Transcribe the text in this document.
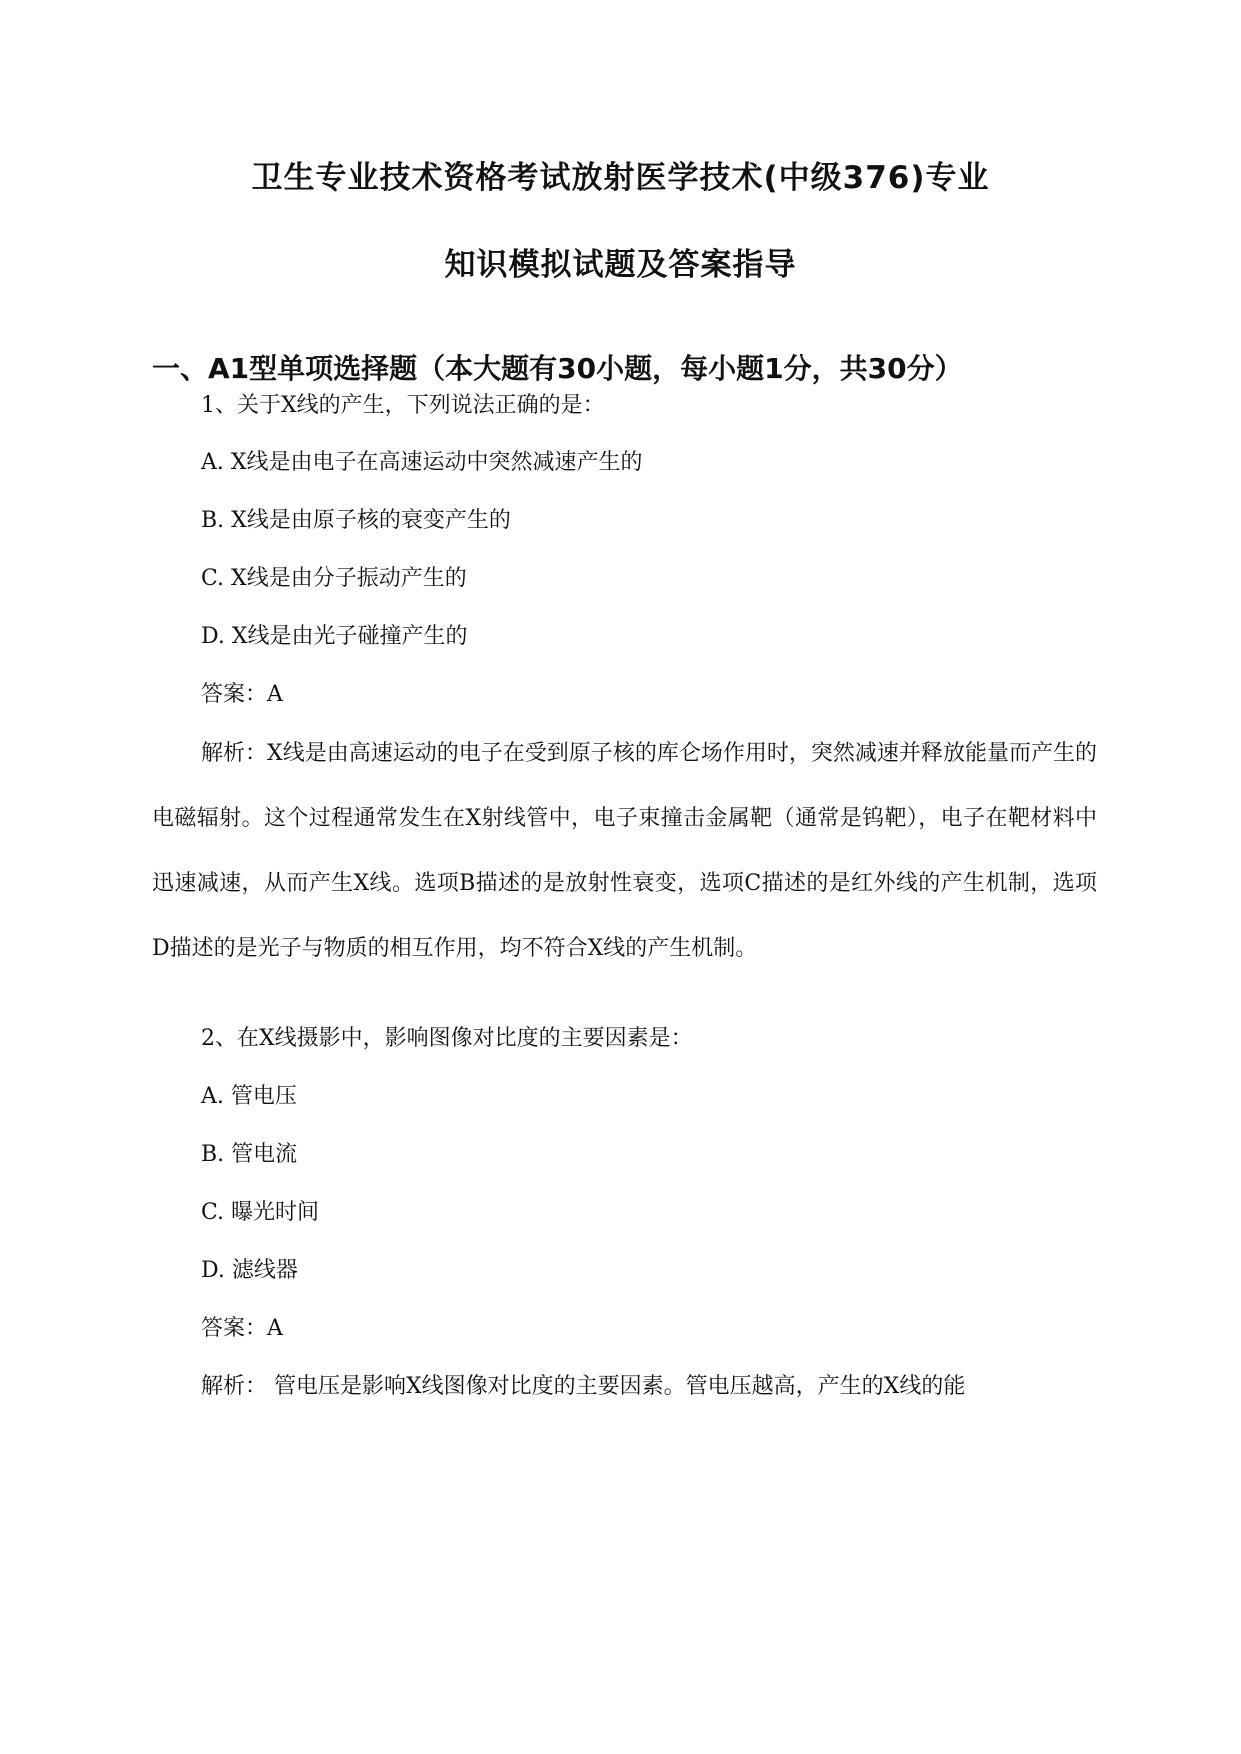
卫生专业技术资格考试放射医学技术(中级376)专业
知识模拟试题及答案指导
一、A1型单项选择题（本大题有30小题，每小题1分，共30分）

1、关于X线的产生，下列说法正确的是：

A. X线是由电子在高速运动中突然减速产生的

B. X线是由原子核的衰变产生的

C. X线是由分子振动产生的

D. X线是由光子碰撞产生的

答案：A

解析：X线是由高速运动的电子在受到原子核的库仑场作用时，突然减速并释放能量而产生的电磁辐射。这个过程通常发生在X射线管中，电子束撞击金属靶（通常是钨靶），电子在靶材料中迅速减速，从而产生X线。选项B描述的是放射性衰变，选项C描述的是红外线的产生机制，选项D描述的是光子与物质的相互作用，均不符合X线的产生机制。

2、在X线摄影中，影响图像对比度的主要因素是：

A. 管电压

B. 管电流

C. 曝光时间

D. 滤线器

答案：A

解析： 管电压是影响X线图像对比度的主要因素。管电压越高，产生的X线的能
